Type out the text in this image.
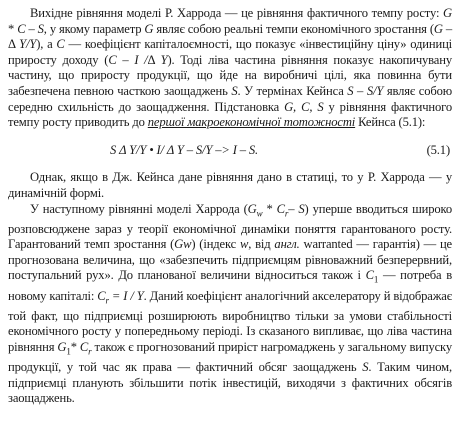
Вихідне рівняння моделі Р. Харрода — це рівняння фактичного темпу росту: G * C – S, у якому параметр G являє собою реальні темпи економічного зростання (G – Δ Y/Y), а C — коефіцієнт капіталоємності, що показує «інвестиційну ціну» одиниці приросту доходу (C – I /Δ Y). Тоді ліва частина рівняння показує накопичувану частину, що приросту продукції, що йде на виробничі цілі, яка повинна бути забезпечена певною часткою заощаджень S. У термінах Кейнса S – S/Y являє собою середню схильність до заощадження. Підстановка G, C, S у рівняння фактичного темпу росту приводить до першої макроекономічної тотожності Кейнса (5.1):

S Δ Y/Y • I/ Δ Y – S/Y –> I – S.	(5.1)

Однак, якщо в Дж. Кейнса дане рівняння дано в статиці, то у Р. Харрода — у динамічній формі.

У наступному рівнянні моделі Харрода ($G_w * C_r-$ S) уперше вводиться широко розповсюджене зараз у теорії економічної динаміки поняття гарантованого росту. Гарантований темп зростання (Gw) (індекс w, від англ. warranted — гарантія) — це прогнозована величина, що «забезпечить підприємцям рівноважний безперервний, поступальний рух». До планованої величини відноситься також і $C_1$ — потреба в новому капіталі: $C_r = I / Y$. Даний коефіцієнт аналогічний акселератору й відображає той факт, що підприємці розширюють виробництво тільки за умови стабільності економічного росту у попередньому періоді. Із сказаного випливає, що ліва частина рівняння $G_1*$ $C_r$ також є прогнозований приріст нагромаджень у загальному випуску продукції, у той час як права — фактичний обсяг заощаджень S. Таким чином, підприємці планують збільшити потік інвестицій, виходячи з фактичних обсягів заощаджень.
